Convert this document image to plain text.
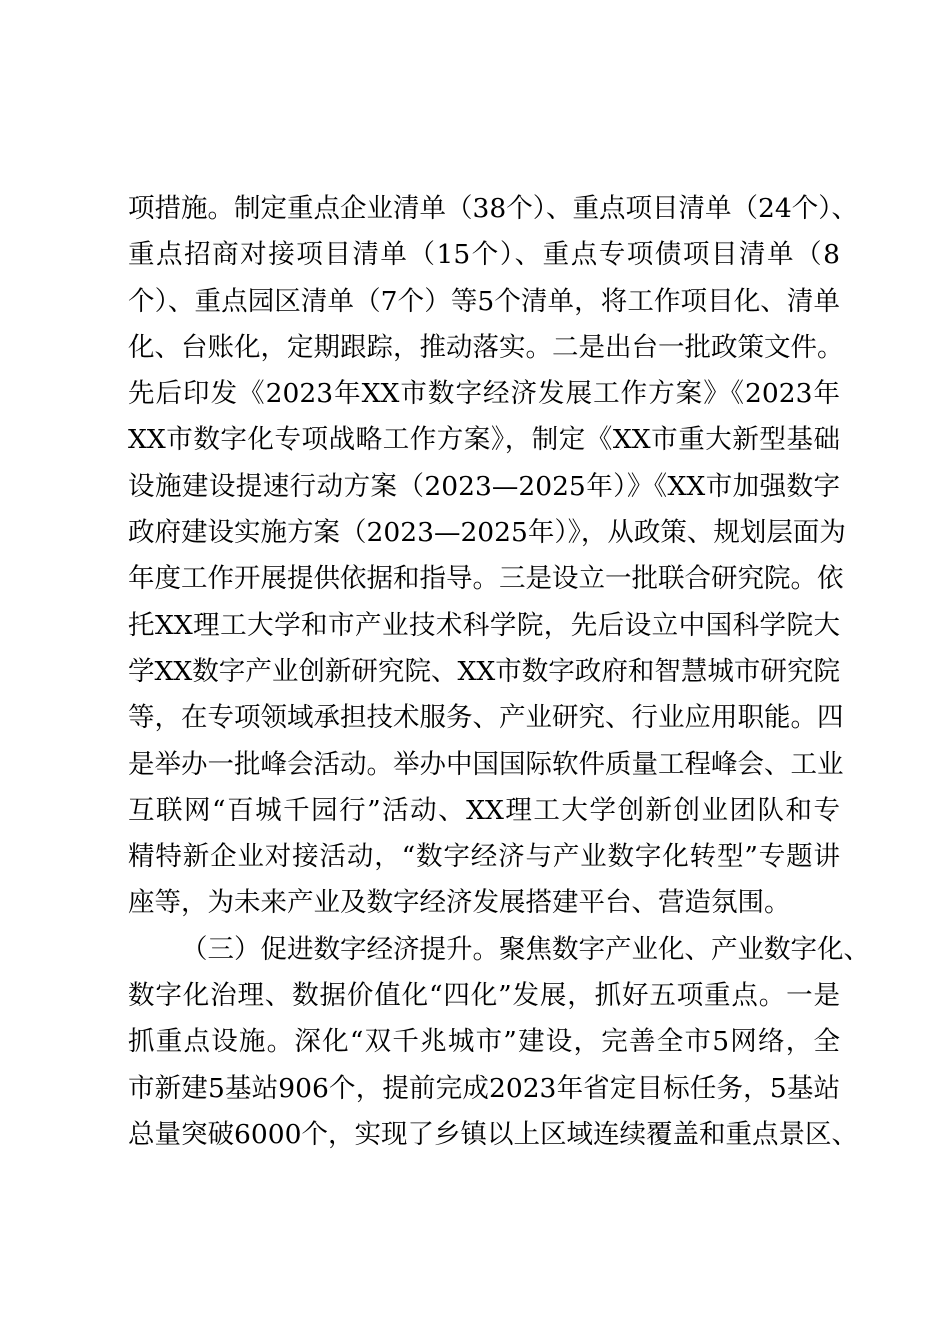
项措施。制定重点企业清单（38个）、重点项目清单（24个）、
重点招商对接项目清单（15个）、重点专项债项目清单（8
个）、重点园区清单（7个）等5个清单，将工作项目化、清单
化、台账化，定期跟踪，推动落实。二是出台一批政策文件。
先后印发《2023年XX市数字经济发展工作方案》《2023年
XX市数字化专项战略工作方案》，制定《XX市重大新型基础
设施建设提速行动方案（2023—2025年）》《XX市加强数字
政府建设实施方案（2023—2025年）》，从政策、规划层面为
年度工作开展提供依据和指导。三是设立一批联合研究院。依
托XX理工大学和市产业技术科学院，先后设立中国科学院大
学XX数字产业创新研究院、XX市数字政府和智慧城市研究院
等，在专项领域承担技术服务、产业研究、行业应用职能。四
是举办一批峰会活动。举办中国国际软件质量工程峰会、工业
互联网“百城千园行”活动、XX理工大学创新创业团队和专
精特新企业对接活动，“数字经济与产业数字化转型”专题讲
座等，为未来产业及数字经济发展搭建平台、营造氛围。
（三）促进数字经济提升。聚焦数字产业化、产业数字化、
数字化治理、数据价值化“四化”发展，抓好五项重点。一是
抓重点设施。深化“双千兆城市”建设，完善全市5网络，全
市新建5基站906个，提前完成2023年省定目标任务，5基站
总量突破6000个，实现了乡镇以上区域连续覆盖和重点景区、
